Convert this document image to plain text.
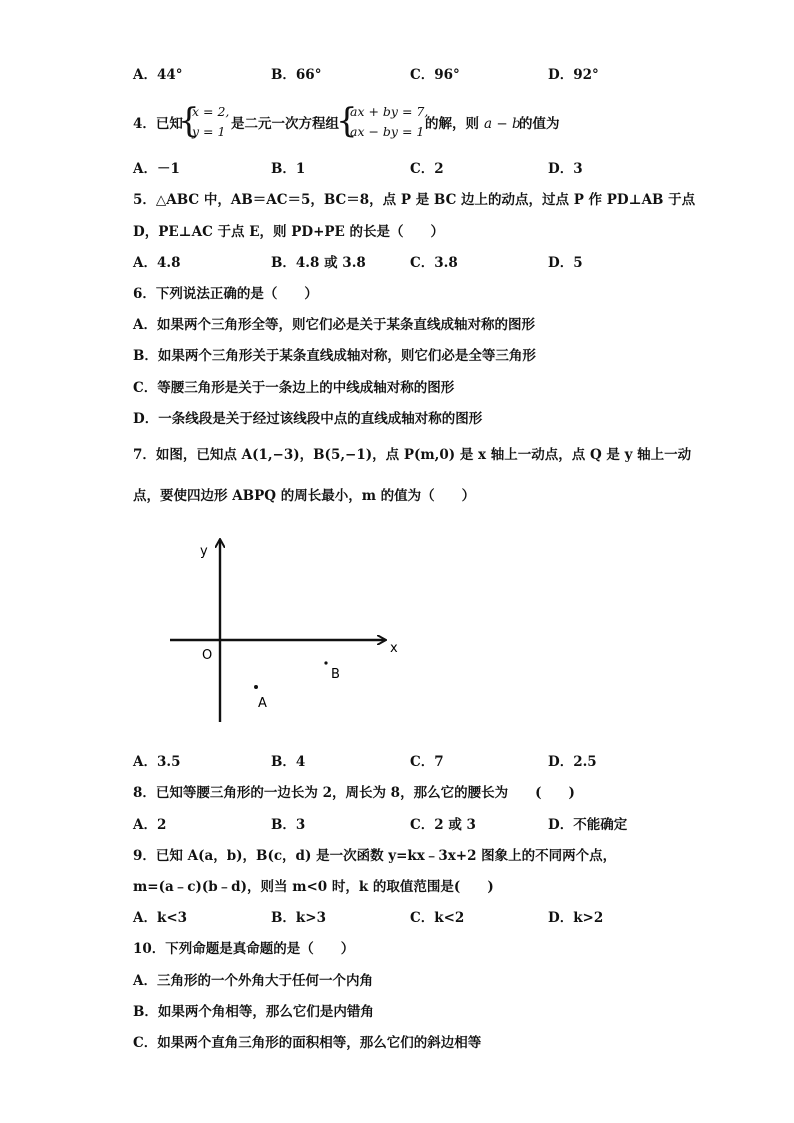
A．44°	B．66°	C．96°	D．92°
4．已知
{
x = 2,
y = 1 是二元一次方程组
{
ax + by = 7,
ax − by = 1 的解，则 a − b
的值为
A．－1	B．1	C．2	D．3
5．△ABC 中，AB＝AC＝5，BC＝8，点 P 是 BC 边上的动点，过点 P 作 PD⊥AB 于点
D，PE⊥AC 于点 E，则 PD+PE 的长是（　　）
A．4.8	B．4.8 或 3.8	C．3.8	D．5
6．下列说法正确的是（　　）
A．如果两个三角形全等，则它们必是关于某条直线成轴对称的图形
B．如果两个三角形关于某条直线成轴对称，则它们必是全等三角形
C．等腰三角形是关于一条边上的中线成轴对称的图形
D．一条线段是关于经过该线段中点的直线成轴对称的图形
7．如图，已知点 A(1,−3)，B(5,−1)，点 P(m,0) 是 x 轴上一动点，点 Q 是 y 轴上一动
点，要使四边形 ABPQ 的周长最小，m 的值为（　　）
y
x
O
B
A
A．3.5	B．4	C．7	D．2.5
8．已知等腰三角形的一边长为 2，周长为 8，那么它的腰长为　　(　　)
A．2	B．3	C．2 或 3	D．不能确定
9．已知 A(a，b)，B(c，d) 是一次函数 y=kx﹣3x+2 图象上的不同两个点，
m=(a﹣c)(b﹣d)，则当 m<0 时，k 的取值范围是(　　)
A．k<3	B．k>3	C．k<2	D．k>2
10．下列命题是真命题的是（　　）
A．三角形的一个外角大于任何一个内角
B．如果两个角相等，那么它们是内错角
C．如果两个直角三角形的面积相等，那么它们的斜边相等
